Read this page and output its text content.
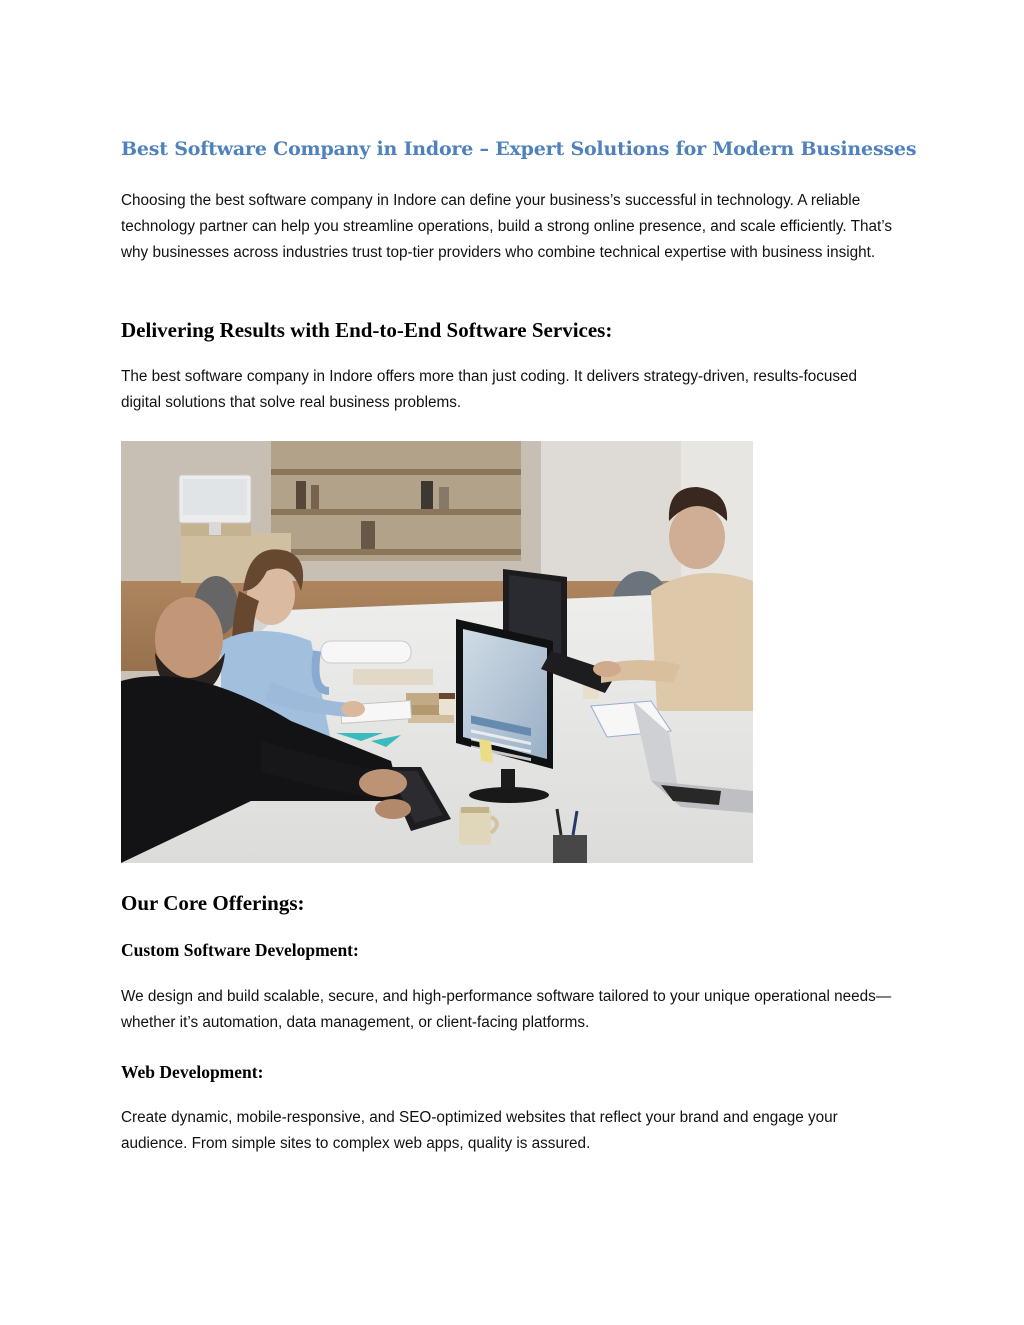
Best Software Company in Indore – Expert Solutions for Modern Businesses

Choosing the best software company in Indore can define your business’s successful in technology. A reliable technology partner can help you streamline operations, build a strong online presence, and scale efficiently. That’s why businesses across industries trust top-tier providers who combine technical expertise with business insight.

Delivering Results with End-to-End Software Services:

The best software company in Indore offers more than just coding. It delivers strategy-driven, results-focused digital solutions that solve real business problems.

Our Core Offerings:
Custom Software Development:

We design and build scalable, secure, and high-performance software tailored to your unique operational needs—whether it’s automation, data management, or client-facing platforms.

Web Development:

Create dynamic, mobile-responsive, and SEO-optimized websites that reflect your brand and engage your audience. From simple sites to complex web apps, quality is assured.
